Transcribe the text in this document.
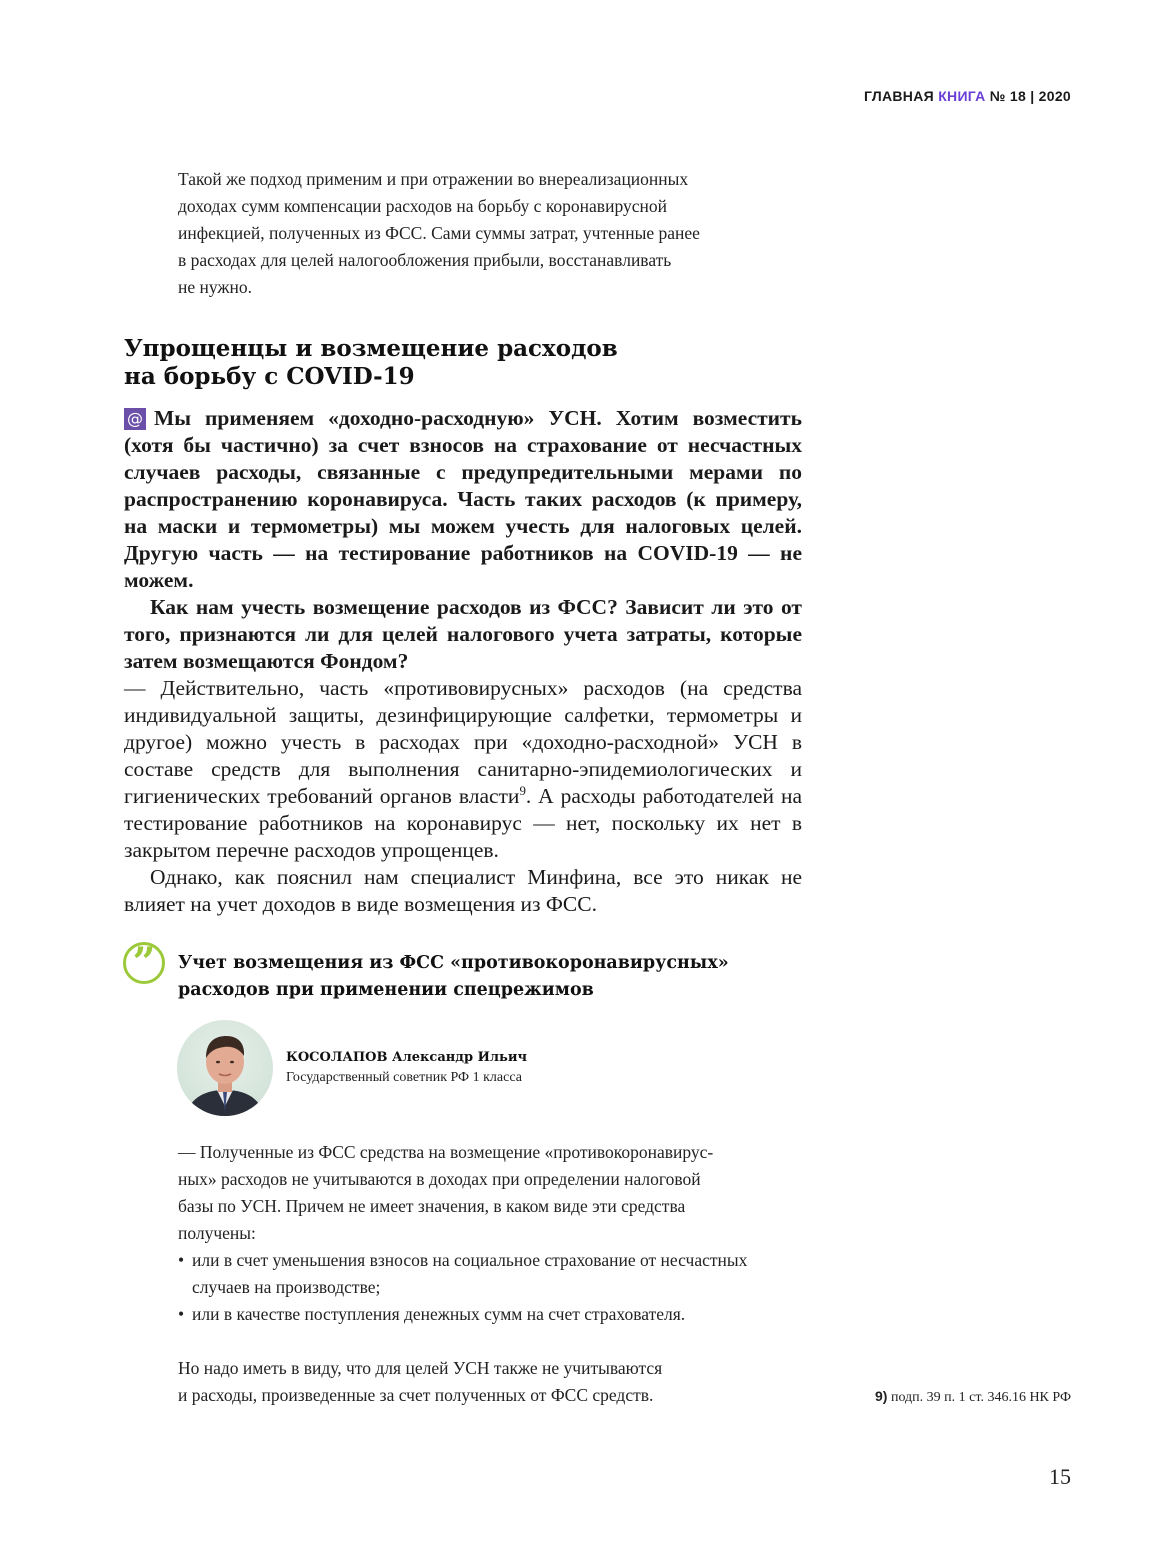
ГЛАВНАЯ КНИГА № 18 | 2020

Такой же подход применим и при отражении во внереализационных

доходах сумм компенсации расходов на борьбу с коронавирусной

инфекцией, полученных из ФСС. Сами суммы затрат, учтенные ранее

в расходах для целей налогообложения прибыли, восстанавливать

не нужно.

Упрощенцы и возмещение расходов
на борьбу с COVID-19

@ Мы применяем «доходно-расходную» УСН. Хотим возместить (хотя бы частично) за счет взносов на страхование от несчастных случаев расходы, связанные с предупредительными мерами по распространению коронавируса. Часть таких расходов (к примеру, на маски и термометры) мы можем учесть для налоговых целей. Другую часть — на тестирование работников на COVID-19 — не можем.

Как нам учесть возмещение расходов из ФСС? Зависит ли это от того, признаются ли для целей налогового учета затраты, которые затем возмещаются Фондом?

— Действительно, часть «противовирусных» расходов (на средства индивидуальной защиты, дезинфицирующие салфетки, термометры и другое) можно учесть в расходах при «доходно-расходной» УСН в составе средств для выполнения санитарно-эпидемиологических и гигиенических требований органов власти$^9$. А расходы работодателей на тестирование работников на коронавирус — нет, поскольку их нет в закрытом перечне расходов упрощенцев.

Однако, как пояснил нам специалист Минфина, все это никак не влияет на учет доходов в виде возмещения из ФСС.

”	Учет возмещения из ФСС «противокоронавирусных»
расходов при применении спецрежимов
КОСОЛАПОВ Александр Ильич
Государственный советник РФ 1 класса

— Полученные из ФСС средства на возмещение «противокоронавирус-

ных» расходов не учитываются в доходах при определении налоговой

базы по УСН. Причем не имеет значения, в каком виде эти средства

получены:

• или в счет уменьшения взносов на социальное страхование от несчастных случаев на производстве;
• или в качестве поступления денежных сумм на счет страхователя.

Но надо иметь в виду, что для целей УСН также не учитываются

и расходы, произведенные за счет полученных от ФСС средств.	9) подп. 39 п. 1 ст. 346.16 НК РФ
15
